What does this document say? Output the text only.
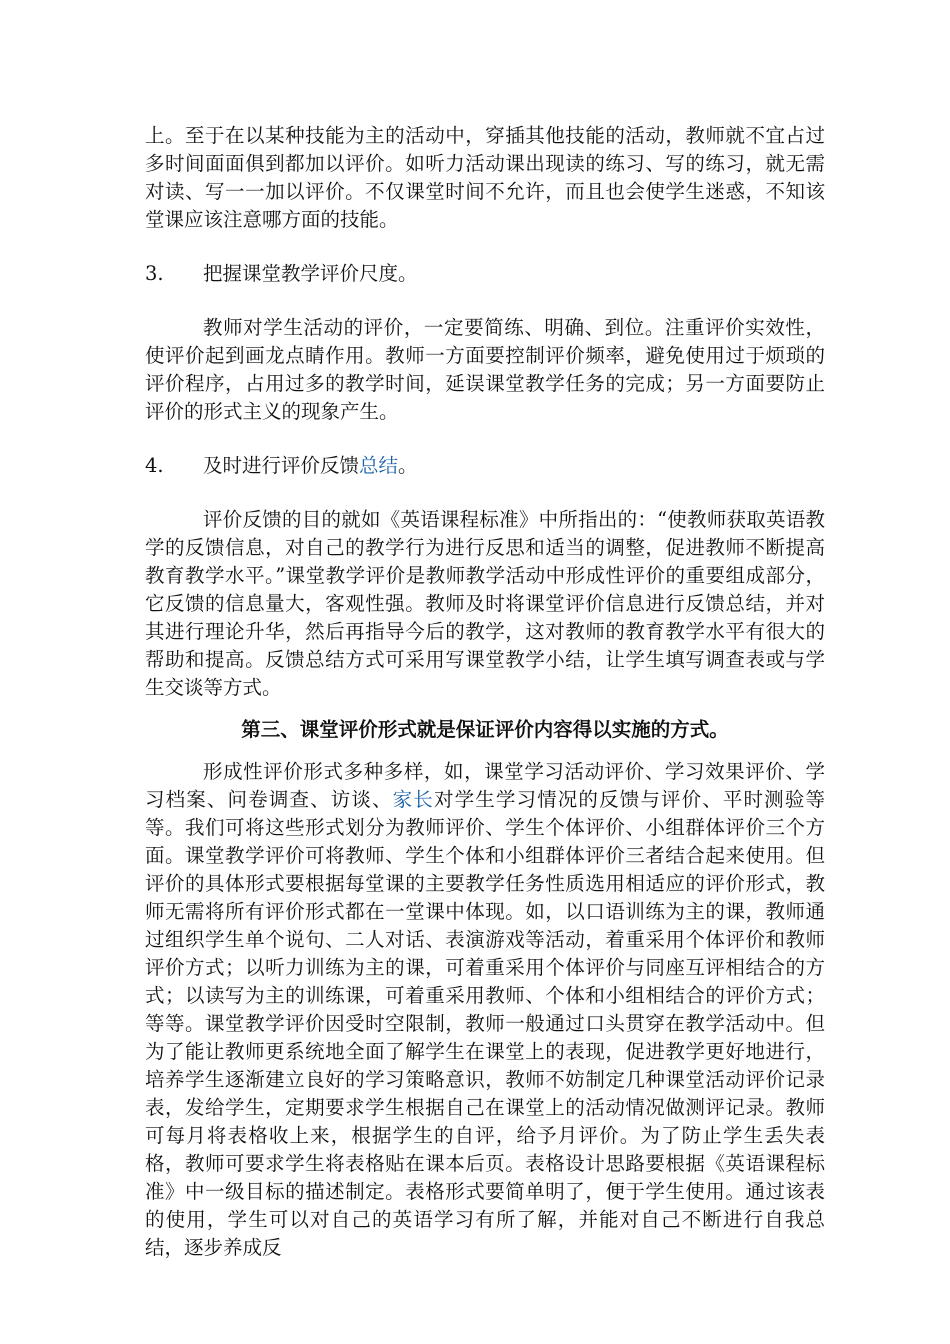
上。至于在以某种技能为主的活动中，穿插其他技能的活动，教师就不宜占过多时间面面俱到都加以评价。如听力活动课出现读的练习、写的练习，就无需对读、写一一加以评价。不仅课堂时间不允许，而且也会使学生迷惑，不知该堂课应该注意哪方面的技能。

3.	把握课堂教学评价尺度。

教师对学生活动的评价，一定要简练、明确、到位。注重评价实效性，使评价起到画龙点睛作用。教师一方面要控制评价频率，避免使用过于烦琐的评价程序，占用过多的教学时间，延误课堂教学任务的完成；另一方面要防止评价的形式主义的现象产生。

4.	及时进行评价反馈总结。

评价反馈的目的就如《英语课程标准》中所指出的：“使教师获取英语教学的反馈信息，对自己的教学行为进行反思和适当的调整，促进教师不断提高教育教学水平。”课堂教学评价是教师教学活动中形成性评价的重要组成部分，它反馈的信息量大，客观性强。教师及时将课堂评价信息进行反馈总结，并对其进行理论升华，然后再指导今后的教学，这对教师的教育教学水平有很大的帮助和提高。反馈总结方式可采用写课堂教学小结，让学生填写调查表或与学生交谈等方式。

第三、课堂评价形式就是保证评价内容得以实施的方式。

形成性评价形式多种多样，如，课堂学习活动评价、学习效果评价、学习档案、问卷调查、访谈、家长对学生学习情况的反馈与评价、平时测验等等。我们可将这些形式划分为教师评价、学生个体评价、小组群体评价三个方面。课堂教学评价可将教师、学生个体和小组群体评价三者结合起来使用。但评价的具体形式要根据每堂课的主要教学任务性质选用相适应的评价形式，教师无需将所有评价形式都在一堂课中体现。如，以口语训练为主的课，教师通过组织学生单个说句、二人对话、表演游戏等活动，着重采用个体评价和教师评价方式；以听力训练为主的课，可着重采用个体评价与同座互评相结合的方式；以读写为主的训练课，可着重采用教师、个体和小组相结合的评价方式；等等。课堂教学评价因受时空限制，教师一般通过口头贯穿在教学活动中。但为了能让教师更系统地全面了解学生在课堂上的表现，促进教学更好地进行，培养学生逐渐建立良好的学习策略意识，教师不妨制定几种课堂活动评价记录表，发给学生，定期要求学生根据自己在课堂上的活动情况做测评记录。教师可每月将表格收上来，根据学生的自评，给予月评价。为了防止学生丢失表格，教师可要求学生将表格贴在课本后页。表格设计思路要根据《英语课程标准》中一级目标的描述制定。表格形式要简单明了，便于学生使用。通过该表的使用，学生可以对自己的英语学习有所了解，并能对自己不断进行自我总结，逐步养成反
